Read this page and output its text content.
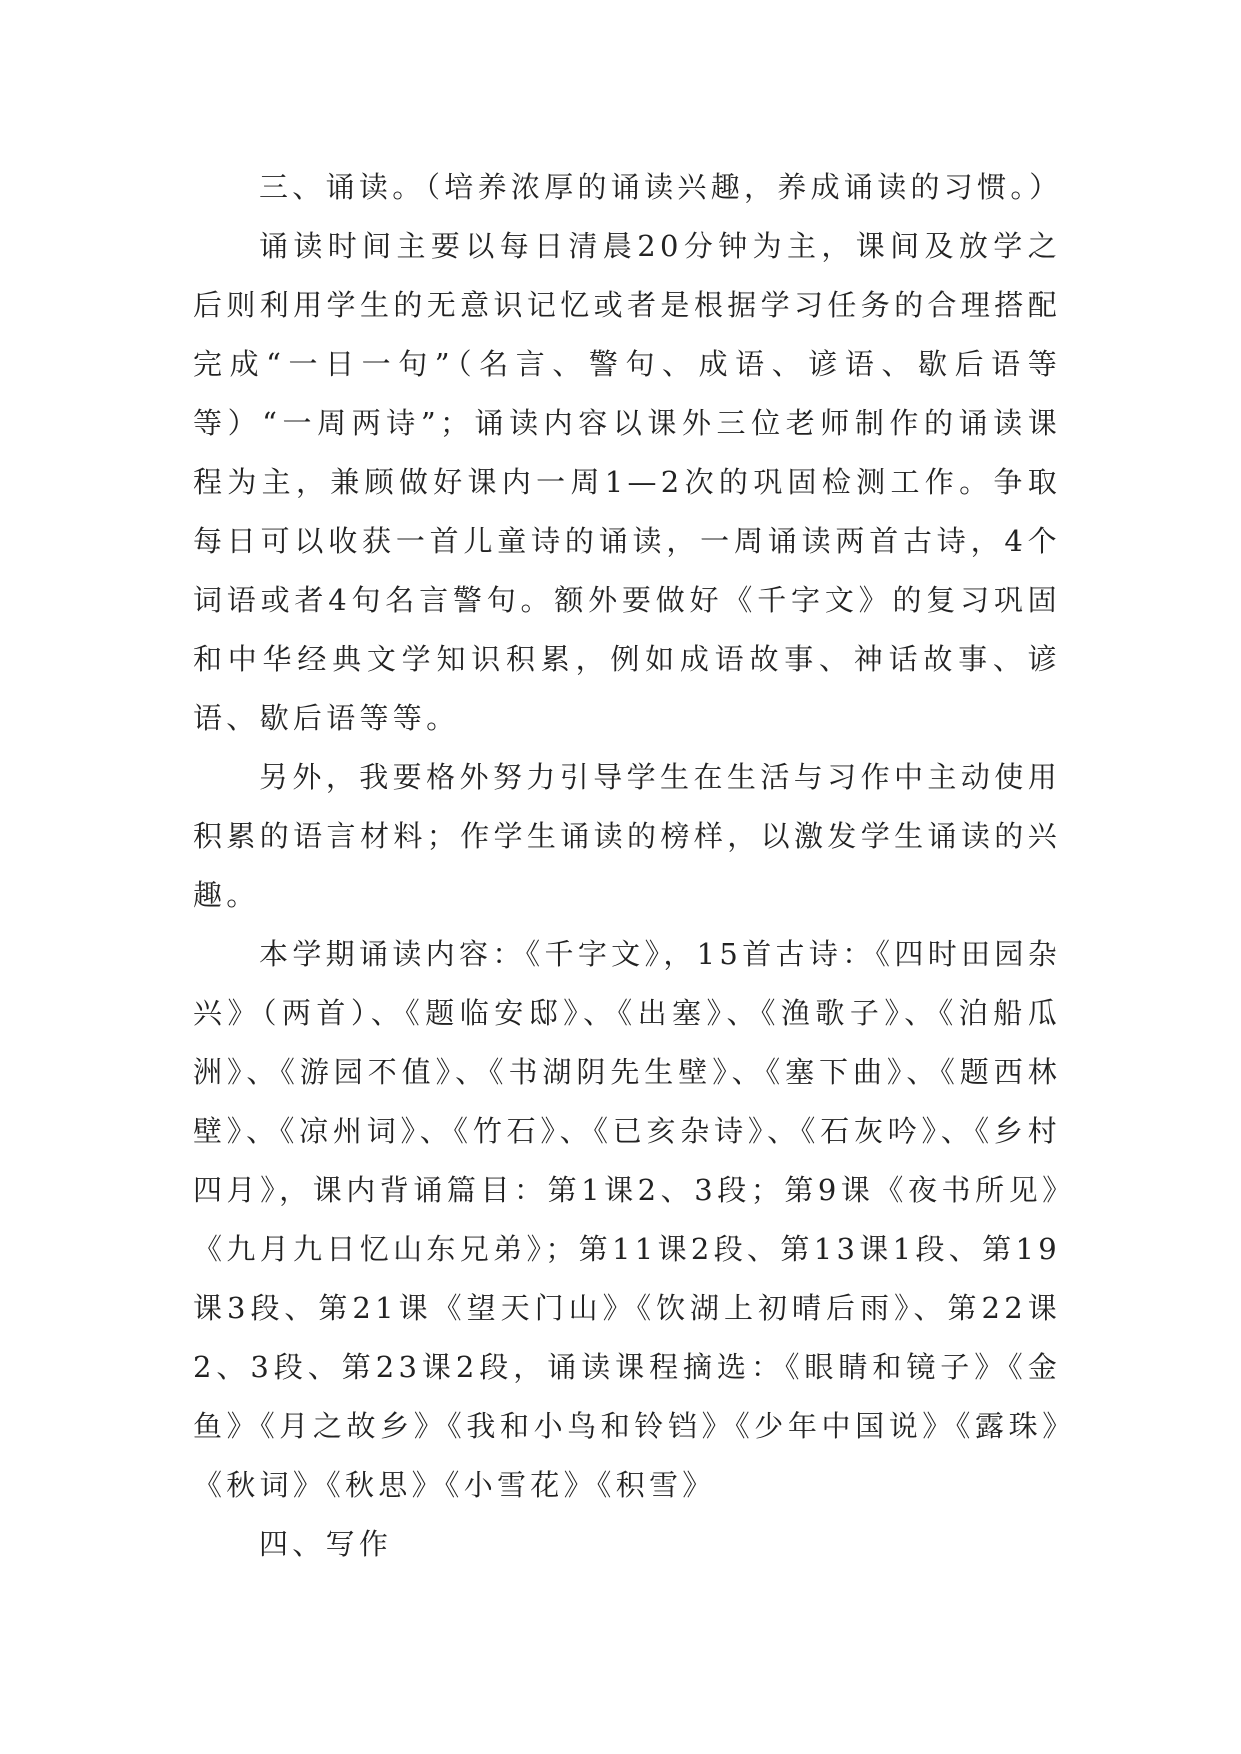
三、诵读。（培养浓厚的诵读兴趣，养成诵读的习惯。）

诵读时间主要以每日清晨20分钟为主，课间及放学之后则利用学生的无意识记忆或者是根据学习任务的合理搭配完成“一日一句”（名言、警句、成语、谚语、歇后语等等）“一周两诗”；诵读内容以课外三位老师制作的诵读课程为主，兼顾做好课内一周1—2次的巩固检测工作。争取每日可以收获一首儿童诗的诵读，一周诵读两首古诗，4个词语或者4句名言警句。额外要做好《千字文》的复习巩固和中华经典文学知识积累，例如成语故事、神话故事、谚语、歇后语等等。

另外，我要格外努力引导学生在生活与习作中主动使用积累的语言材料；作学生诵读的榜样，以激发学生诵读的兴趣。

本学期诵读内容：《千字文》，15首古诗：《四时田园杂兴》（两首）、《题临安邸》、《出塞》、《渔歌子》、《泊船瓜洲》、《游园不值》、《书湖阴先生壁》、《塞下曲》、《题西林壁》、《凉州词》、《竹石》、《已亥杂诗》、《石灰吟》、《乡村四月》，课内背诵篇目：第1课2、3段；第9课《夜书所见》《九月九日忆山东兄弟》；第11课2段、第13课1段、第19课3段、第21课《望天门山》《饮湖上初晴后雨》、第22课2、3段、第23课2段，诵读课程摘选：《眼睛和镜子》《金鱼》《月之故乡》《我和小鸟和铃铛》《少年中国说》《露珠》《秋词》《秋思》《小雪花》《积雪》

四、写作
